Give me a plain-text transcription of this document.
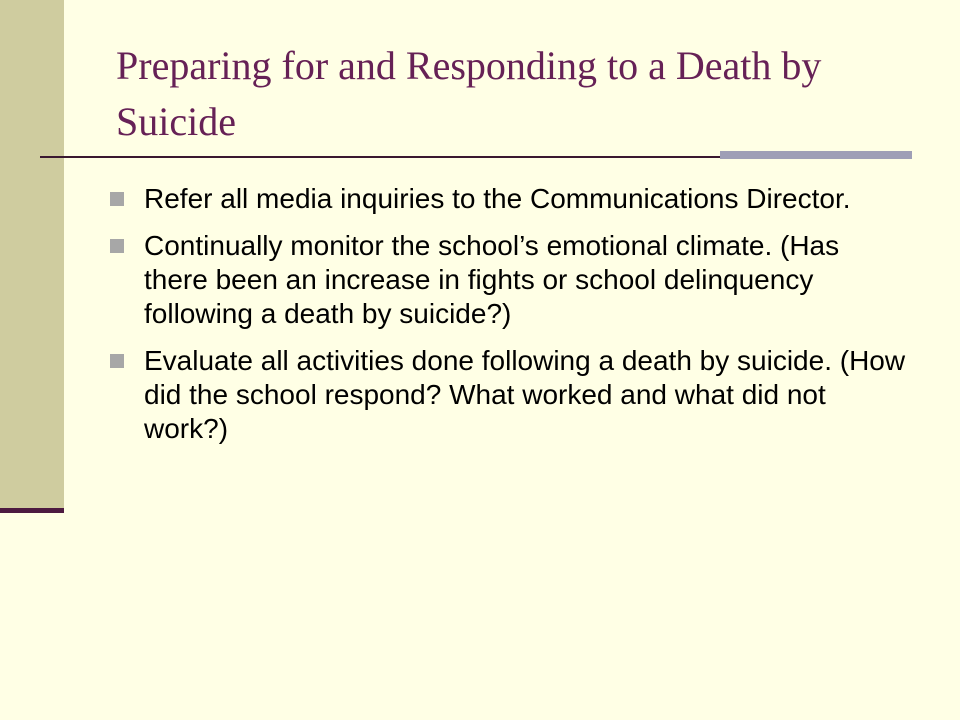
Preparing for and Responding to a Death by Suicide
Refer all media inquiries to the Communications Director.
Continually monitor the school’s emotional climate. (Has there been an increase in fights or school delinquency following a death by suicide?)
Evaluate all activities done following a death by suicide. (How did the school respond? What worked and what did not work?)
